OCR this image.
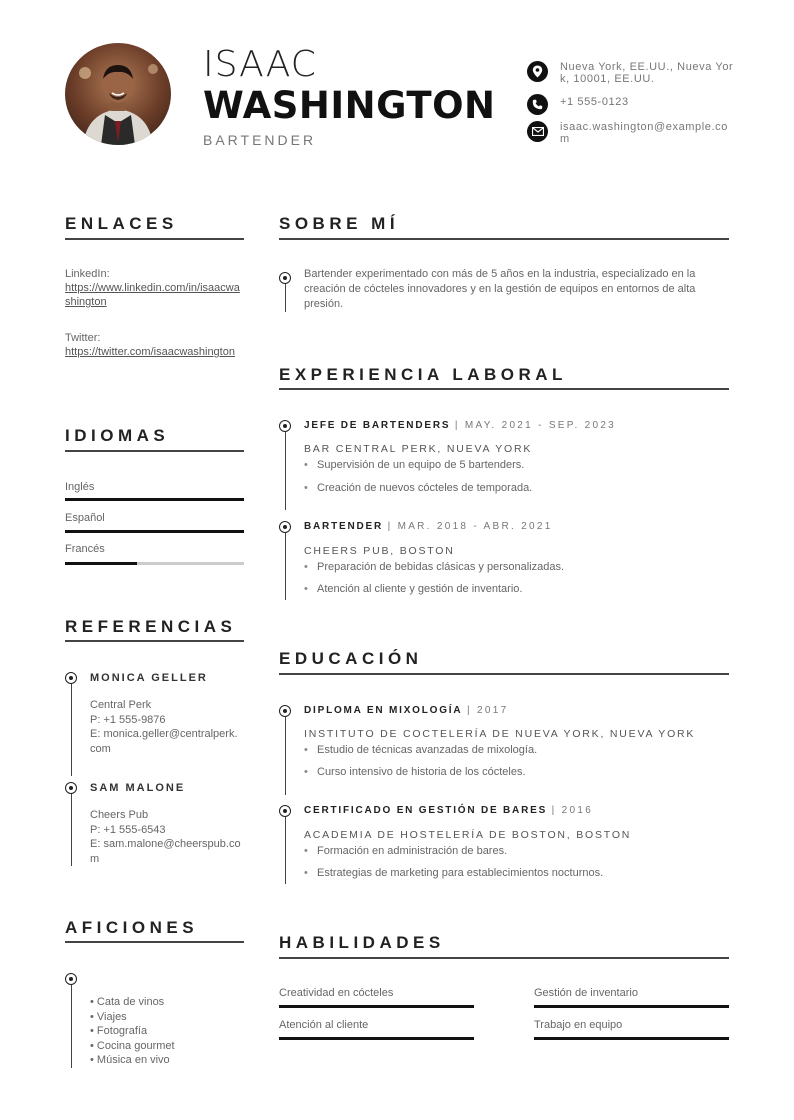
ISAAC
WASHINGTON
BARTENDER
Nueva York, EE.UU., Nueva York, 10001, EE.UU.
+1 555-0123
isaac.washington@example.com
ENLACES
LinkedIn:
https://www.linkedin.com/in/isaacwashington
Twitter:
https://twitter.com/isaacwashington
IDIOMAS
Inglés
Español
Francés
REFERENCIAS
MONICA GELLER
Central Perk
P: +1 555-9876
E: monica.geller@centralperk.com
SAM MALONE
Cheers Pub
P: +1 555-6543
E: sam.malone@cheerspub.com
AFICIONES
• Cata de vinos
• Viajes
• Fotografía
• Cocina gourmet
• Música en vivo
SOBRE MÍ
Bartender experimentado con más de 5 años en la industria, especializado en la creación de cócteles innovadores y en la gestión de equipos en entornos de alta presión.
EXPERIENCIA LABORAL
JEFE DE BARTENDERS | MAY. 2021 - SEP. 2023
BAR CENTRAL PERK, NUEVA YORK
• Supervisión de un equipo de 5 bartenders.
• Creación de nuevos cócteles de temporada.
BARTENDER | MAR. 2018 - ABR. 2021
CHEERS PUB, BOSTON
• Preparación de bebidas clásicas y personalizadas.
• Atención al cliente y gestión de inventario.
EDUCACIÓN
DIPLOMA EN MIXOLOGÍA | 2017
INSTITUTO DE COCTELERÍA DE NUEVA YORK, NUEVA YORK
• Estudio de técnicas avanzadas de mixología.
• Curso intensivo de historia de los cócteles.
CERTIFICADO EN GESTIÓN DE BARES | 2016
ACADEMIA DE HOSTELERÍA DE BOSTON, BOSTON
• Formación en administración de bares.
• Estrategias de marketing para establecimientos nocturnos.
HABILIDADES
Creatividad en cócteles	Gestión de inventario
Atención al cliente	Trabajo en equipo
